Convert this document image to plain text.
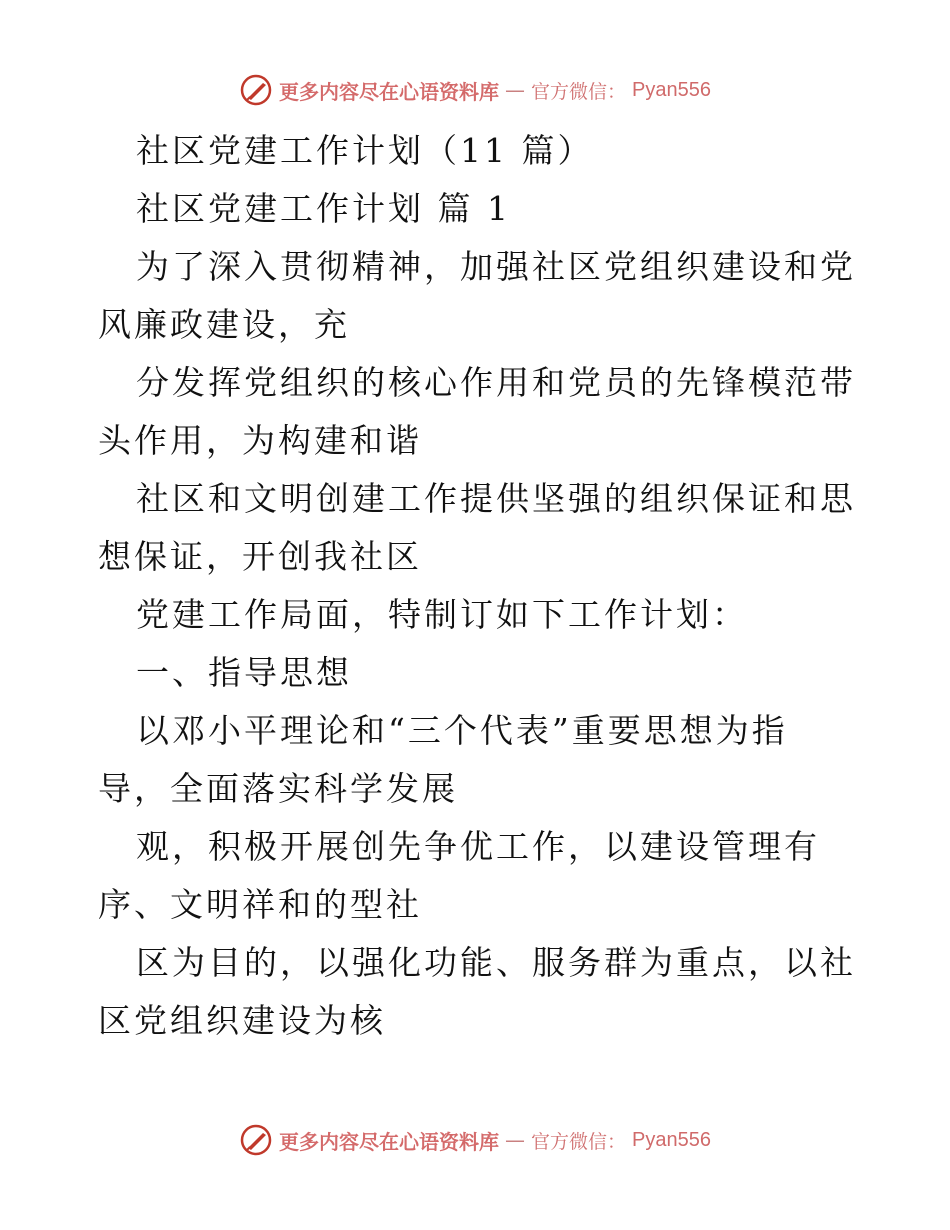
更多内容尽在心语资料库 — 官方微信： Pyan556

社区党建工作计划（11 篇）

社区党建工作计划 篇 1

为了深入贯彻精神，加强社区党组织建设和党风廉政建设，充

分发挥党组织的核心作用和党员的先锋模范带头作用，为构建和谐

社区和文明创建工作提供坚强的组织保证和思想保证，开创我社区

党建工作局面，特制订如下工作计划：

一、指导思想

以邓小平理论和“三个代表”重要思想为指导，全面落实科学发展

观，积极开展创先争优工作，以建设管理有序、文明祥和的型社

区为目的，以强化功能、服务群为重点，以社区党组织建设为核

更多内容尽在心语资料库 — 官方微信： Pyan556
